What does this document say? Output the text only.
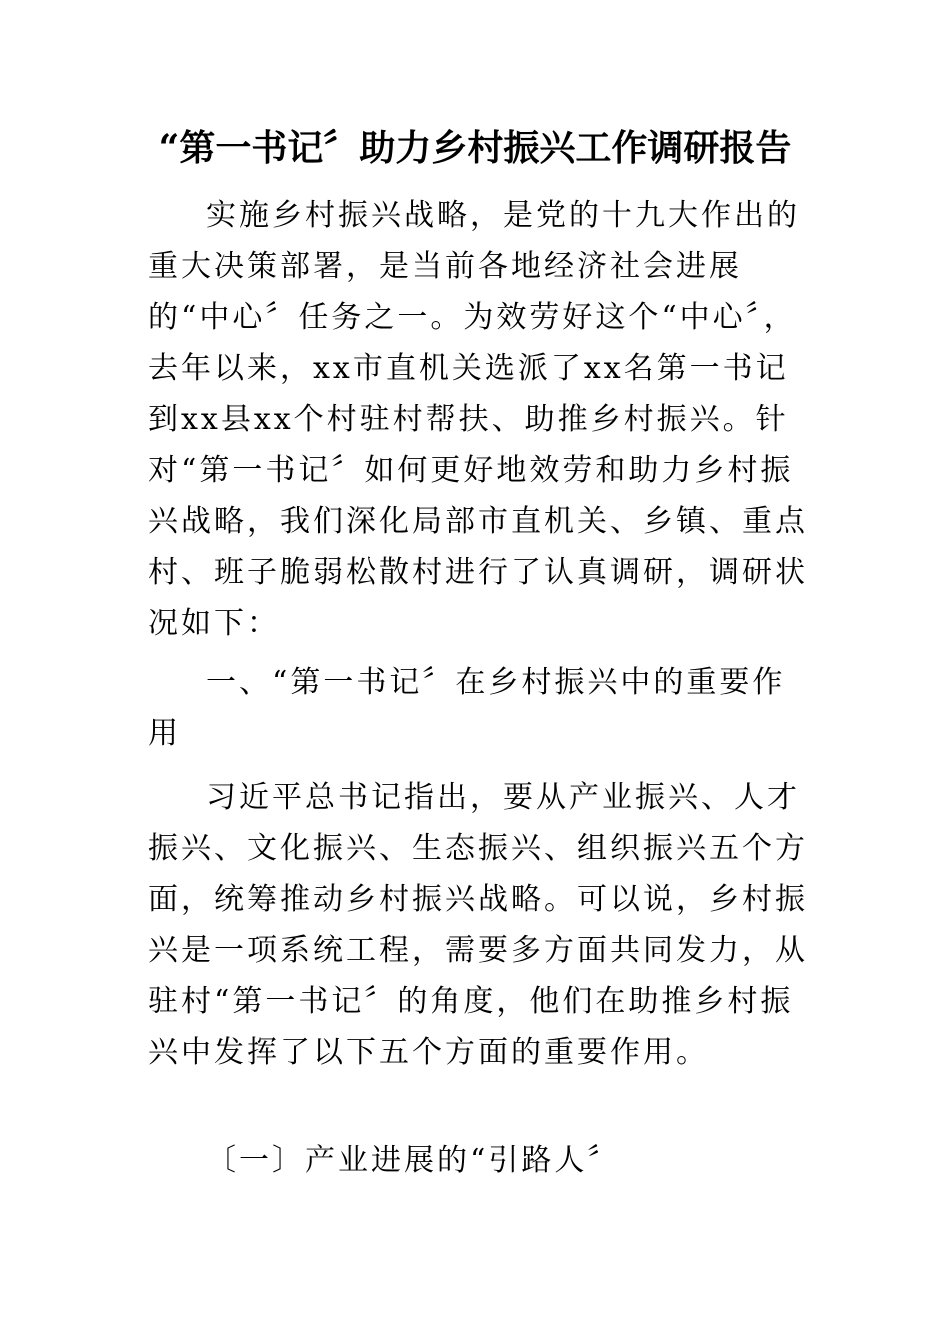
“第一书记〞助力乡村振兴工作调研报告

实施乡村振兴战略，是党的十九大作出的重大决策部署，是当前各地经济社会进展的“中心〞任务之一。为效劳好这个“中心〞，去年以来，xx市直机关选派了xx名第一书记到xx县xx个村驻村帮扶、助推乡村振兴。针对“第一书记〞如何更好地效劳和助力乡村振兴战略，我们深化局部市直机关、乡镇、重点村、班子脆弱松散村进行了认真调研，调研状况如下：

一、“第一书记〞在乡村振兴中的重要作用

习近平总书记指出，要从产业振兴、人才振兴、文化振兴、生态振兴、组织振兴五个方面，统筹推动乡村振兴战略。可以说，乡村振兴是一项系统工程，需要多方面共同发力，从驻村“第一书记〞的角度，他们在助推乡村振兴中发挥了以下五个方面的重要作用。

〔一〕产业进展的“引路人〞
